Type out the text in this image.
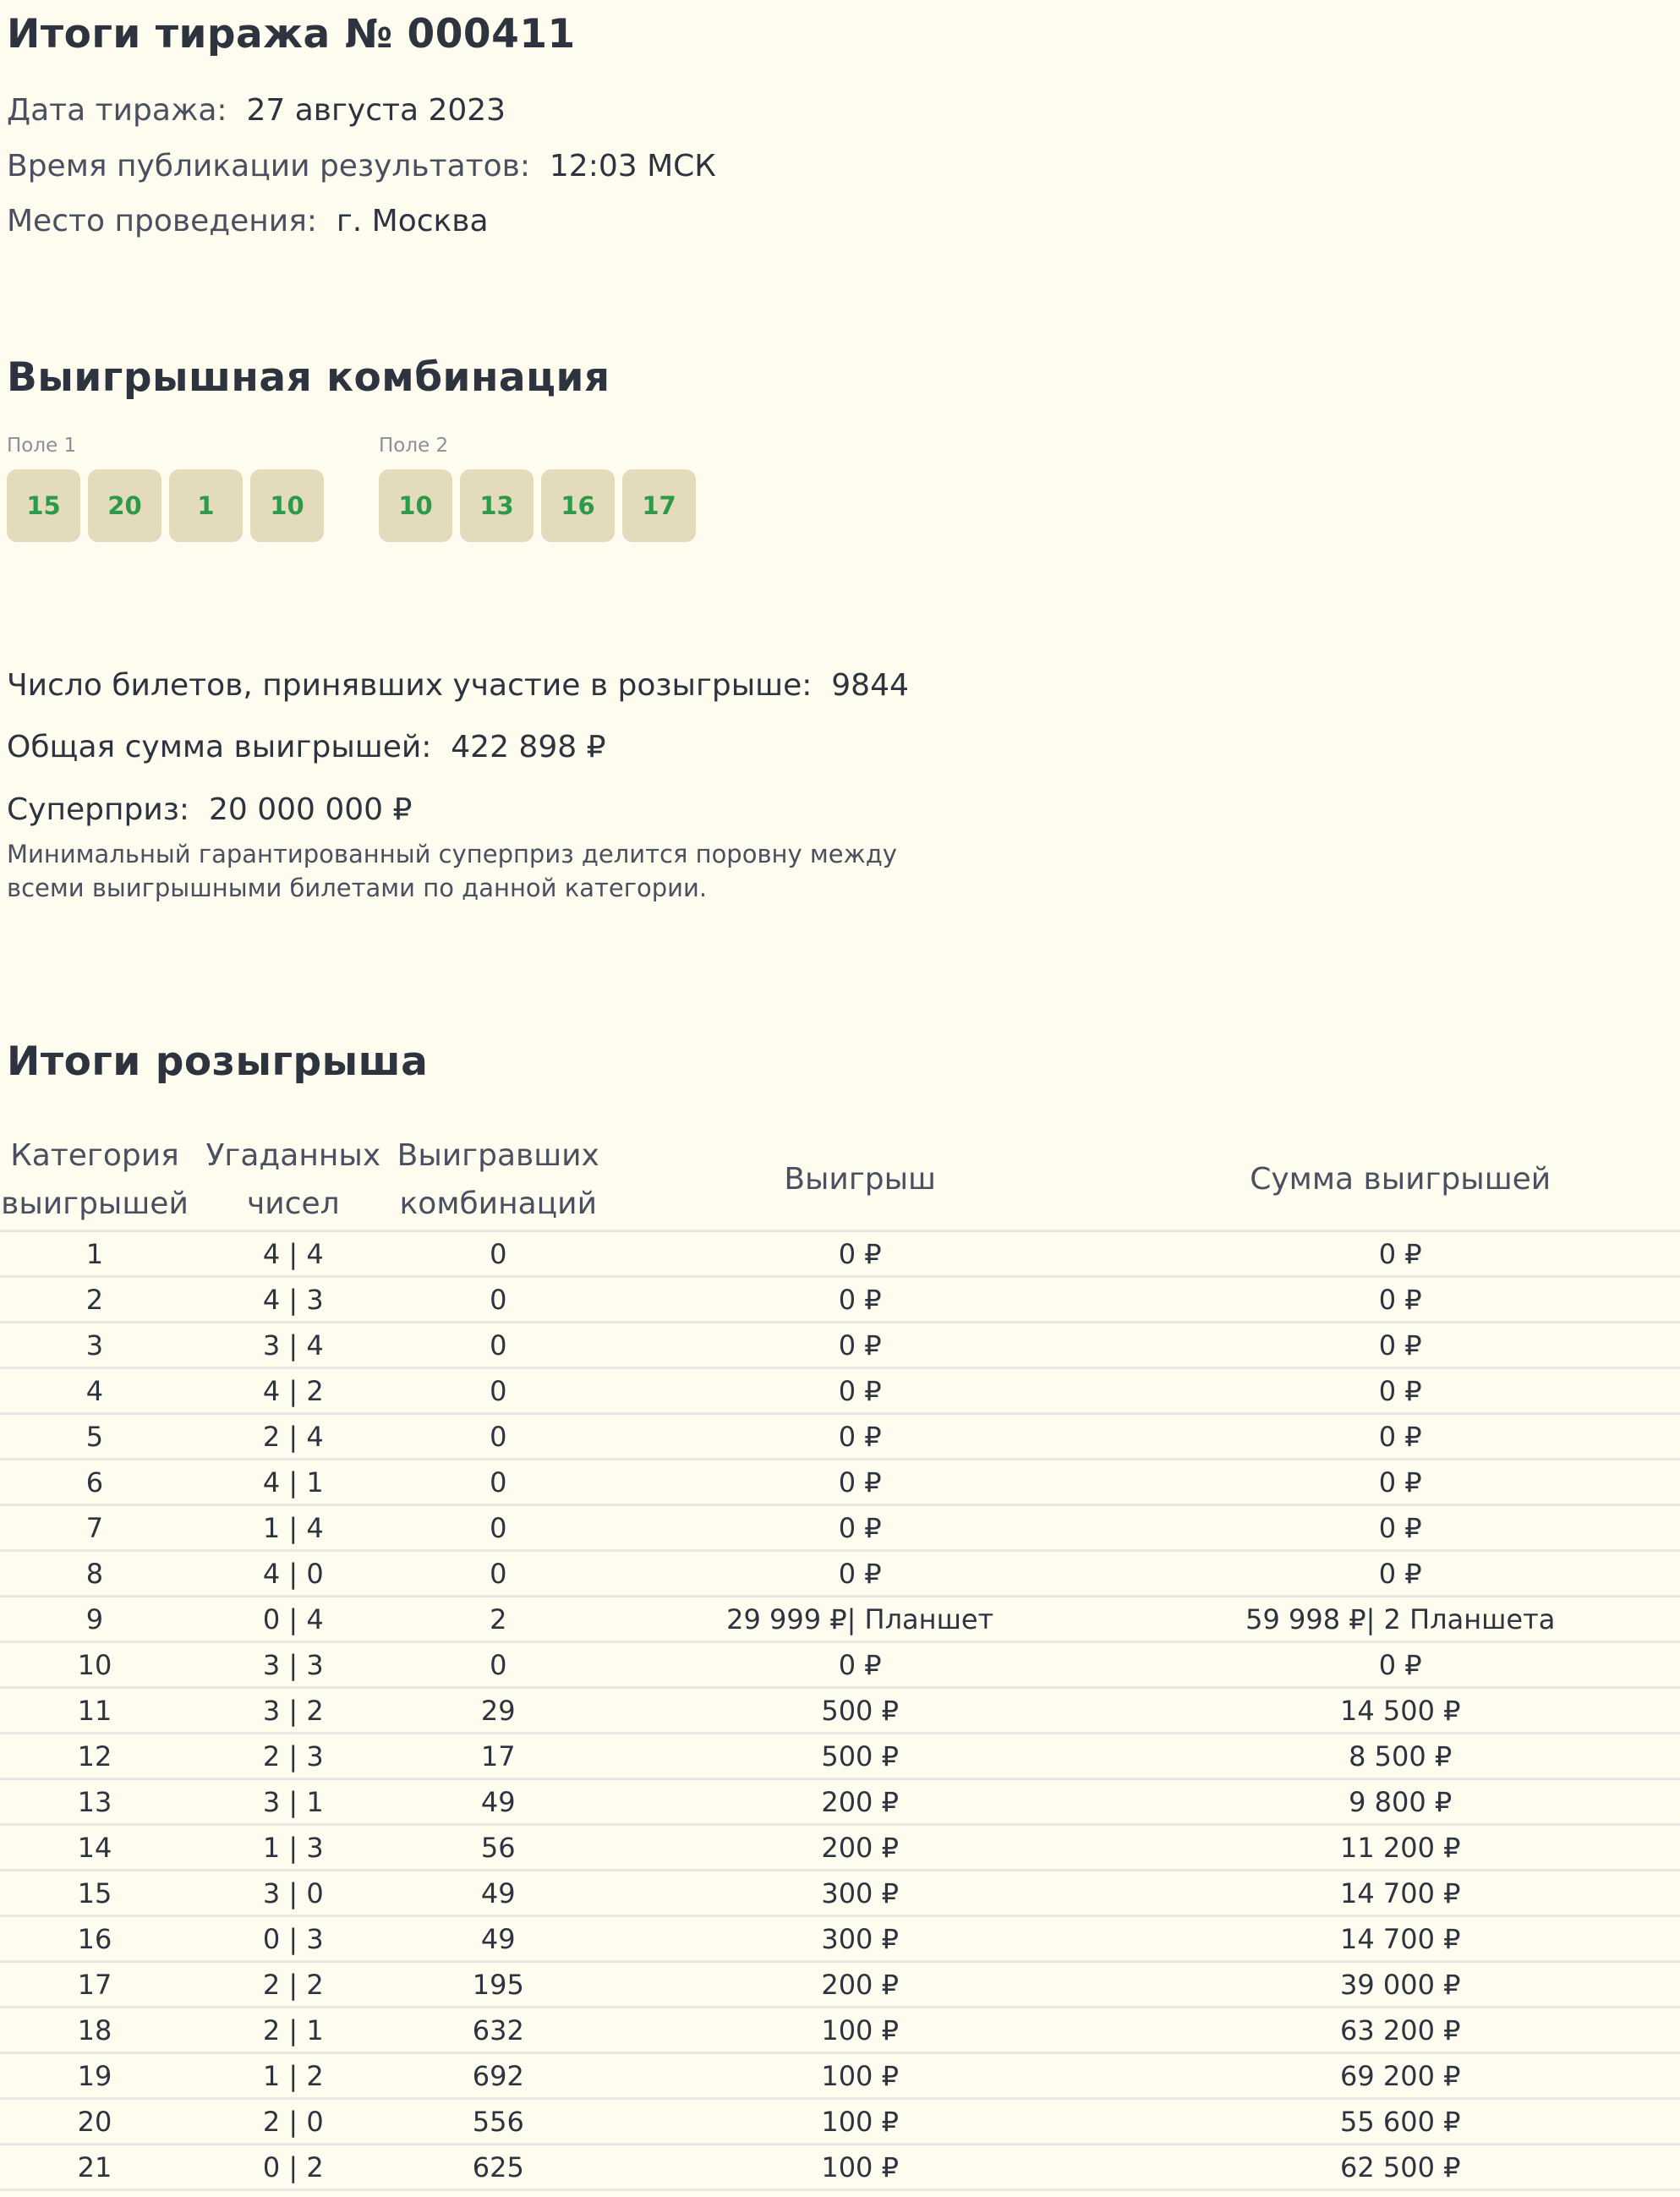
Итоги тиража № 000411
Дата тиража: 27 августа 2023
Время публикации результатов: 12:03 МСК
Место проведения: г. Москва
Выигрышная комбинация
Поле 1
15	20	1	10
Поле 2
10	13	16	17
Число билетов, принявших участие в розыгрыше: 9844
Общая сумма выигрышей: 422 898 ₽
Суперприз: 20 000 000 ₽
Минимальный гарантированный суперприз делится поровну между всеми выигрышными билетами по данной категории.
Итоги розыгрыша
Категория выигрышей	Угаданных чисел	Выигравших комбинаций	Выигрыш	Сумма выигрышей
1	4 | 4	0	0 ₽	0 ₽
2	4 | 3	0	0 ₽	0 ₽
3	3 | 4	0	0 ₽	0 ₽
4	4 | 2	0	0 ₽	0 ₽
5	2 | 4	0	0 ₽	0 ₽
6	4 | 1	0	0 ₽	0 ₽
7	1 | 4	0	0 ₽	0 ₽
8	4 | 0	0	0 ₽	0 ₽
9	0 | 4	2	29 999 ₽| Планшет	59 998 ₽| 2 Планшета
10	3 | 3	0	0 ₽	0 ₽
11	3 | 2	29	500 ₽	14 500 ₽
12	2 | 3	17	500 ₽	8 500 ₽
13	3 | 1	49	200 ₽	9 800 ₽
14	1 | 3	56	200 ₽	11 200 ₽
15	3 | 0	49	300 ₽	14 700 ₽
16	0 | 3	49	300 ₽	14 700 ₽
17	2 | 2	195	200 ₽	39 000 ₽
18	2 | 1	632	100 ₽	63 200 ₽
19	1 | 2	692	100 ₽	69 200 ₽
20	2 | 0	556	100 ₽	55 600 ₽
21	0 | 2	625	100 ₽	62 500 ₽
